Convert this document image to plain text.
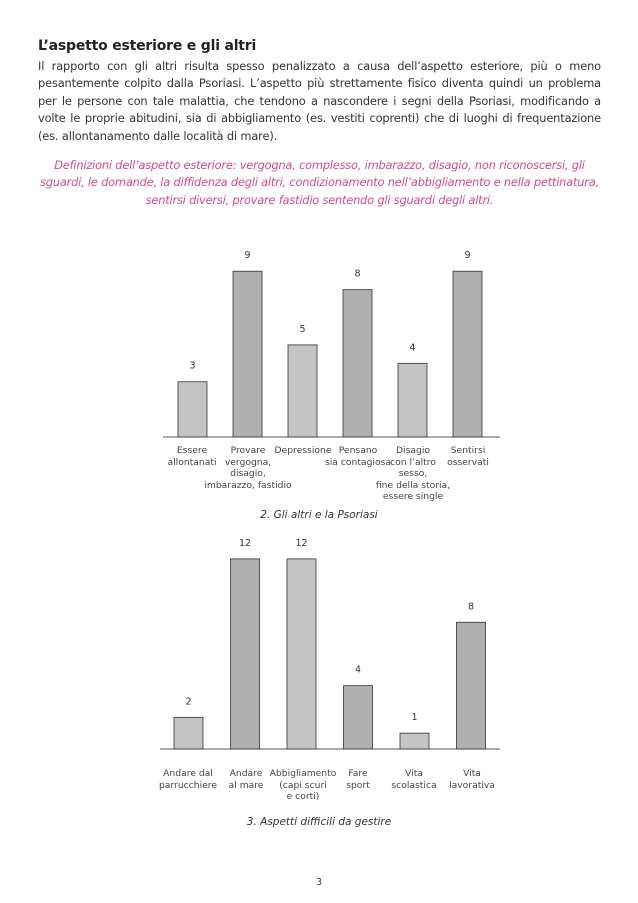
L’aspetto esteriore e gli altri
Il rapporto con gli altri risulta spesso penalizzato a causa dell’aspetto esteriore, più o meno pesantemente colpito dalla Psoriasi. L’aspetto più strettamente fisico diventa quindi un problema per le persone con tale malattia, che tendono a nascondere i segni della Psoriasi, modificando a volte le proprie abitudini, sia di abbigliamento (es. vestiti coprenti) che di luoghi di frequentazione (es. allontanamento dalle località di mare).
Definizioni dell’aspetto esteriore: vergogna, complesso, imbarazzo, disagio, non riconoscersi, gli sguardi, le domande, la diffidenza degli altri, condizionamento nell’abbigliamento e nella pettinatura, sentirsi diversi, provare fastidio sentendo gli sguardi degli altri.
3
9
5
8
4
9
Essere
allontanati
Provare
vergogna,
disagio,
imbarazzo, fastidio
Depressione Pensano
sia contagiosa
Disagio
con l’altro
sesso,
fine della storia,
essere single
Sentirsi
osservati
2
12	12
4
1
8
Andare dal
parrucchiere
Andare
al mare
Abbigliamento
(capi scuri
e corti)
Fare
sport
Vita
scolastica
Vita
lavorativa
2. Gli altri e la Psoriasi
3. Aspetti difficili da gestire
3
